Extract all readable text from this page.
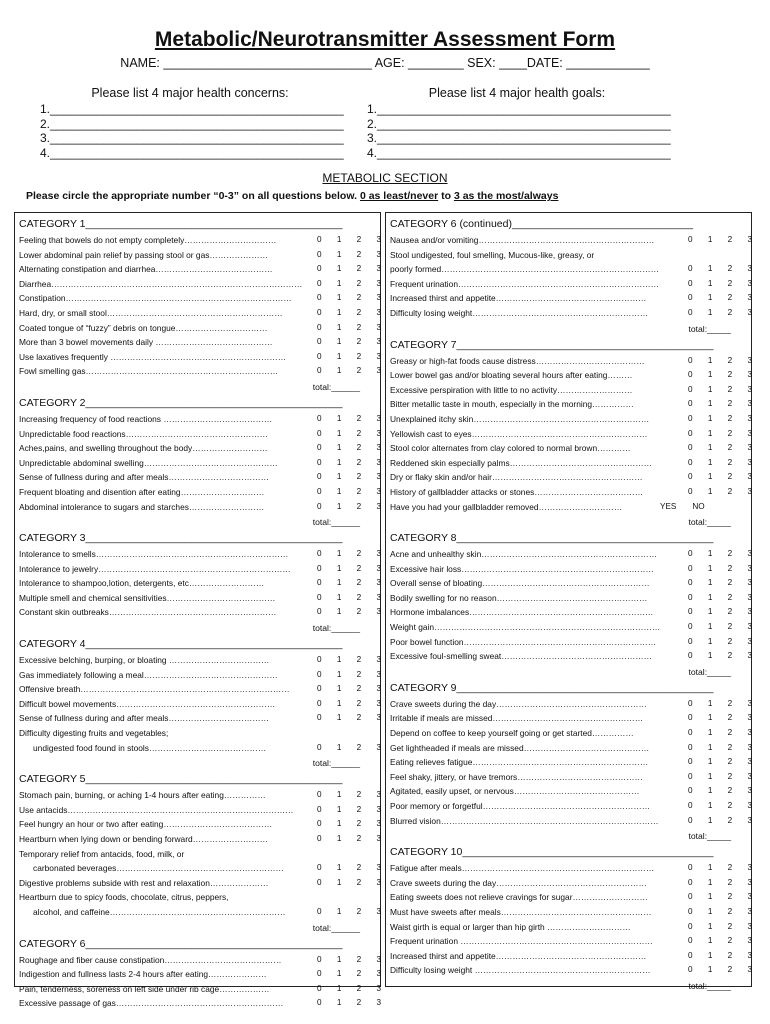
Metabolic/Neurotransmitter Assessment Form
NAME: ______________________________ AGE: ________ SEX: ____DATE: ____________
Please list 4 major health concerns:
1.____________________________________________
2.____________________________________________
3.____________________________________________
4.____________________________________________
Please list 4 major health goals:
1.____________________________________________
2.____________________________________________
3.____________________________________________
4.____________________________________________
METABOLIC SECTION
Please circle the appropriate number “0-3” on all questions below. 0 as least/never to 3 as the most/always
CATEGORY 1____________________________________________
Feeling that bowels do not empty completely……………………………	0 1 2 3
Lower abdominal pain relief by passing stool or gas…………………	0 1 2 3
Alternating constipation and diarrhea……………………………………	0 1 2 3
Diarrhea………………………………………………………………………………	0 1 2 3
Constipation………………………………………………………………………	0 1 2 3
Hard, dry, or small stool………………………………………………………	0 1 2 3
Coated tongue of “fuzzy” debris on tongue……………………………	0 1 2 3
More than 3 bowel movements daily ……………………………………	0 1 2 3
Use laxatives frequently ………………………………………………………	0 1 2 3
Fowl smelling gas……………………………………………………………	0 1 2 3
total:______
CATEGORY 2____________________________________________
Increasing frequency of food reactions …………………………………	0 1 2 3
Unpredictable food reactions……………………………………………	0 1 2 3
Aches,pains, and swelling throughout the body………………………	0 1 2 3
Unpredictable abdominal swelling…………………………………………	0 1 2 3
Sense of fullness during and after meals………………………………	0 1 2 3
Frequent bloating and disention after eating…………………………	0 1 2 3
Abdominal intolerance to sugars and starches………………………	0 1 2 3
total:______
CATEGORY 3____________________________________________
Intolerance to smells……………………………………………………………	0 1 2 3
Intolerance to jewelry……………………………………………………………	0 1 2 3
Intolerance to shampoo,lotion, detergents, etc………………………	0 1 2 3
Multiple smell and chemical sensitivities…………………………………	0 1 2 3
Constant skin outbreaks……………………………………………………	0 1 2 3
total:______
CATEGORY 4____________________________________________
Excessive belching, burping, or bloating ………………………………	0 1 2 3
Gas immediately following a meal…………………………………………	0 1 2 3
Offensive breath…………………………………………………………………	0 1 2 3
Difficult bowel movements…………………………………………………	0 1 2 3
Sense of fullness during and after meals………………………………	0 1 2 3
Difficulty digesting fruits and vegetables;
undigested food found in stools……………………………………	0 1 2 3
total:______
CATEGORY 5____________________________________________
Stomach pain, burning, or aching 1-4 hours after eating……………	0 1 2 3
Use antacids………………………………………………………………………	0 1 2 3
Feel hungry an hour or two after eating…………………………………	0 1 2 3
Heartburn when lying down or bending forward………………………	0 1 2 3
Temporary relief from antacids, food, milk, or
carbonated beverages……………………………………………………	0 1 2 3
Digestive problems subside with rest and relaxation…………………	0 1 2 3
Heartburn due to spicy foods, chocolate, citrus, peppers,
alcohol, and caffeine………………………………………………………	0 1 2 3
total:______
CATEGORY 6____________________________________________
Roughage and fiber cause constipation……………………………………	0 1 2 3
Indigestion and fullness lasts 2-4 hours after eating…………………	0 1 2 3
Pain, tenderness, soreness on left side under rib cage………………	0 1 2 3
Excessive passage of gas……………………………………………………	0 1 2 3
CATEGORY 6 (continued)_______________________________
Nausea and/or vomiting………………………………………………………	0 1 2 3
Stool undigested, foul smelling, Mucous-like, greasy, or
poorly formed……………………………………………………………………	0 1 2 3
Frequent urination………………………………………………………………	0 1 2 3
Increased thirst and appetite………………………………………………	0 1 2 3
Difficulty losing weight………………………………………………………	0 1 2 3
total:_____
CATEGORY 7____________________________________________
Greasy or high-fat foods cause distress…………………………………	0 1 2 3
Lower bowel gas and/or bloating several hours after eating………	0 1 2 3
Excessive perspiration with little to no activity………………………	0 1 2 3
Bitter metallic taste in mouth, especially in the morning……………	0 1 2 3
Unexplained itchy skin………………………………………………………	0 1 2 3
Yellowish cast to eyes………………………………………………………	0 1 2 3
Stool color alternates from clay colored to normal brown…………	0 1 2 3
Reddened skin especially palms……………………………………………	0 1 2 3
Dry or flaky skin and/or hair………………………………………………	0 1 2 3
History of gallbladder attacks or stones…………………………………	0 1 2 3
Have you had your gallbladder removed…………………………	YES NO
total:_____
CATEGORY 8____________________________________________
Acne and unhealthy skin………………………………………………………	0 1 2 3
Excessive hair loss……………………………………………………………	0 1 2 3
Overall sense of bloating……………………………………………………	0 1 2 3
Bodily swelling for no reason………………………………………………	0 1 2 3
Hormone imbalances…………………………………………………………	0 1 2 3
Weight gain………………………………………………………………………	0 1 2 3
Poor bowel function……………………………………………………………	0 1 2 3
Excessive foul-smelling sweat………………………………………………	0 1 2 3
total:_____
CATEGORY 9____________________________________________
Crave sweets during the day………………………………………………	0 1 2 3
Irritable if meals are missed………………………………………………	0 1 2 3
Depend on coffee to keep yourself going or get started……………	0 1 2 3
Get lightheaded if meals are missed………………………………………	0 1 2 3
Eating relieves fatigue………………………………………………………	0 1 2 3
Feel shaky, jittery, or have tremors………………………………………	0 1 2 3
Agitated, easily upset, or nervous………………………………………	0 1 2 3
Poor memory or forgetful……………………………………………………	0 1 2 3
Blurred vision……………………………………………………………………	0 1 2 3
total:_____
CATEGORY 10___________________________________________
Fatigue after meals……………………………………………………………	0 1 2 3
Crave sweets during the day………………………………………………	0 1 2 3
Eating sweets does not relieve cravings for sugar………………………	0 1 2 3
Must have sweets after meals………………………………………………	0 1 2 3
Waist girth is equal or larger than hip girth …………………………	0 1 2 3
Frequent urination ……………………………………………………………	0 1 2 3
Increased thirst and appetite………………………………………………	0 1 2 3
Difficulty losing weight ………………………………………………………	0 1 2 3
total:_____
